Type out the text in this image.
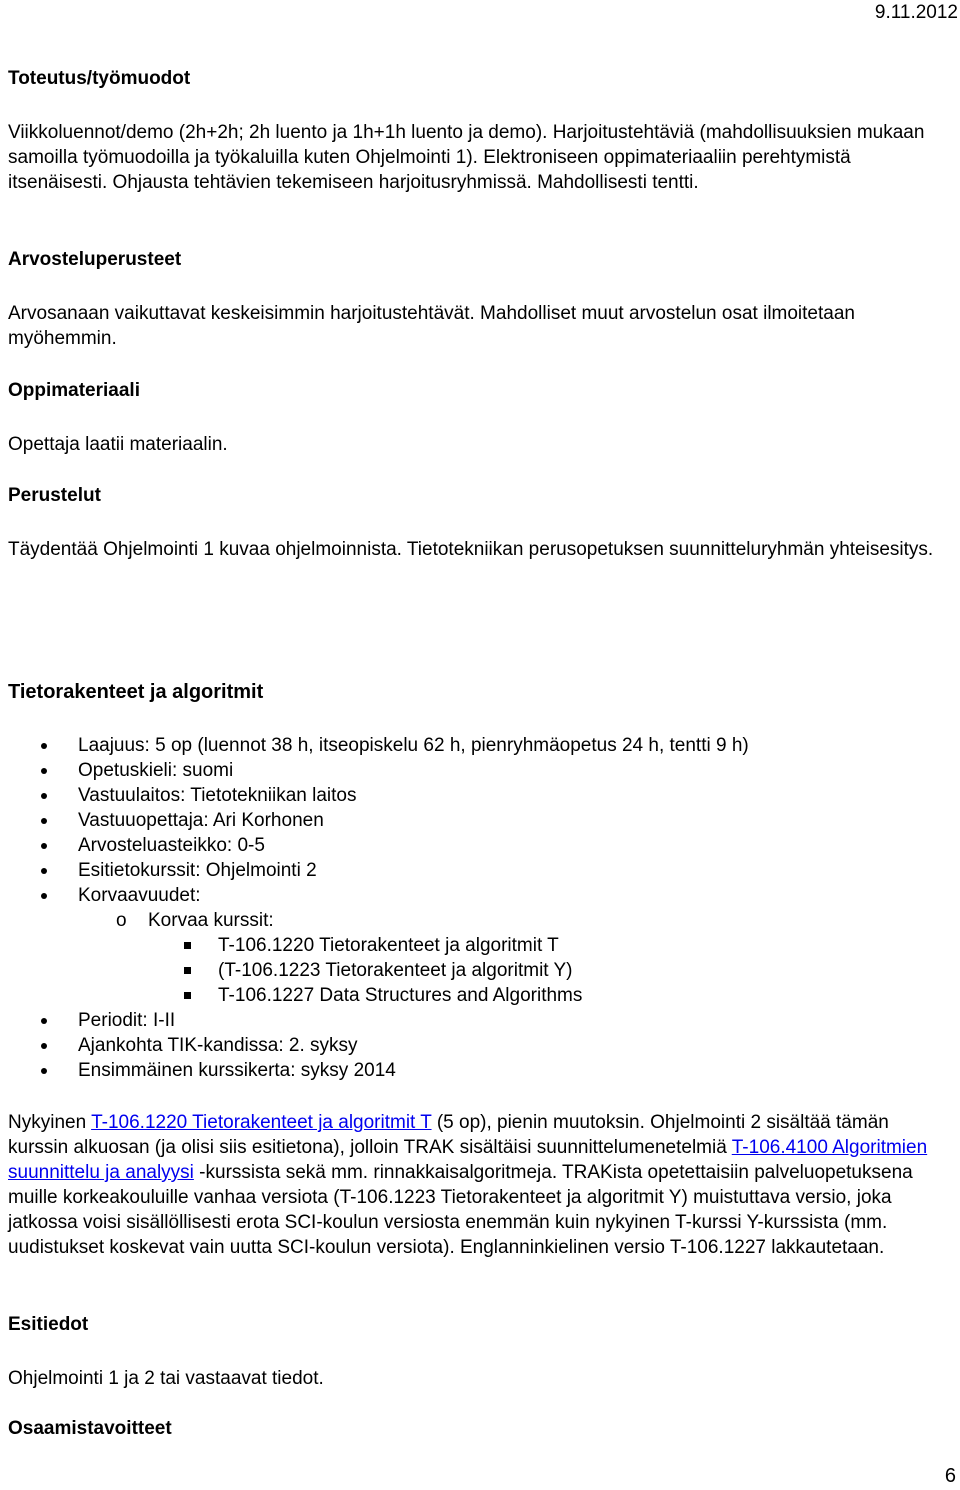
9.11.2012
Toteutus/työmuodot

Viikkoluennot/demo (2h+2h; 2h luento ja 1h+1h luento ja demo). Harjoitustehtäviä (mahdollisuuksien mukaan samoilla työmuodoilla ja työkaluilla kuten Ohjelmointi 1). Elektroniseen oppimateriaaliin perehtymistä itsenäisesti. Ohjausta tehtävien tekemiseen harjoitusryhmissä. Mahdollisesti tentti.

Arvosteluperusteet

Arvosanaan vaikuttavat keskeisimmin harjoitustehtävät. Mahdolliset muut arvostelun osat ilmoitetaan myöhemmin.

Oppimateriaali

Opettaja laatii materiaalin.

Perustelut

Täydentää Ohjelmointi 1 kuvaa ohjelmoinnista. Tietotekniikan perusopetuksen suunnitteluryhmän yhteisesitys.

Tietorakenteet ja algoritmit
Laajuus: 5 op (luennot 38 h, itseopiskelu 62 h, pienryhmäopetus 24 h, tentti 9 h)
Opetuskieli: suomi
Vastuulaitos: Tietotekniikan laitos
Vastuuopettaja: Ari Korhonen
Arvosteluasteikko: 0-5
Esitietokurssit: Ohjelmointi 2
Korvaavuudet:
o Korvaa kurssit:
T-106.1220 Tietorakenteet ja algoritmit T
(T-106.1223 Tietorakenteet ja algoritmit Y)
T-106.1227 Data Structures and Algorithms
Periodit: I-II
Ajankohta TIK-kandissa: 2. syksy
Ensimmäinen kurssikerta: syksy 2014

Nykyinen T-106.1220 Tietorakenteet ja algoritmit T (5 op), pienin muutoksin. Ohjelmointi 2 sisältää tämän kurssin alkuosan (ja olisi siis esitietona), jolloin TRAK sisältäisi suunnittelumenetelmiä T-106.4100 Algoritmien suunnittelu ja analyysi -kurssista sekä mm. rinnakkaisalgoritmeja. TRAKista opetettaisiin palveluopetuksena muille korkeakouluille vanhaa versiota (T-106.1223 Tietorakenteet ja algoritmit Y) muistuttava versio, joka jatkossa voisi sisällöllisesti erota SCI-koulun versiosta enemmän kuin nykyinen T-kurssi Y-kurssista (mm. uudistukset koskevat vain uutta SCI-koulun versiota). Englanninkielinen versio T-106.1227 lakkautetaan.

Esitiedot

Ohjelmointi 1 ja 2 tai vastaavat tiedot.

Osaamistavoitteet
6
